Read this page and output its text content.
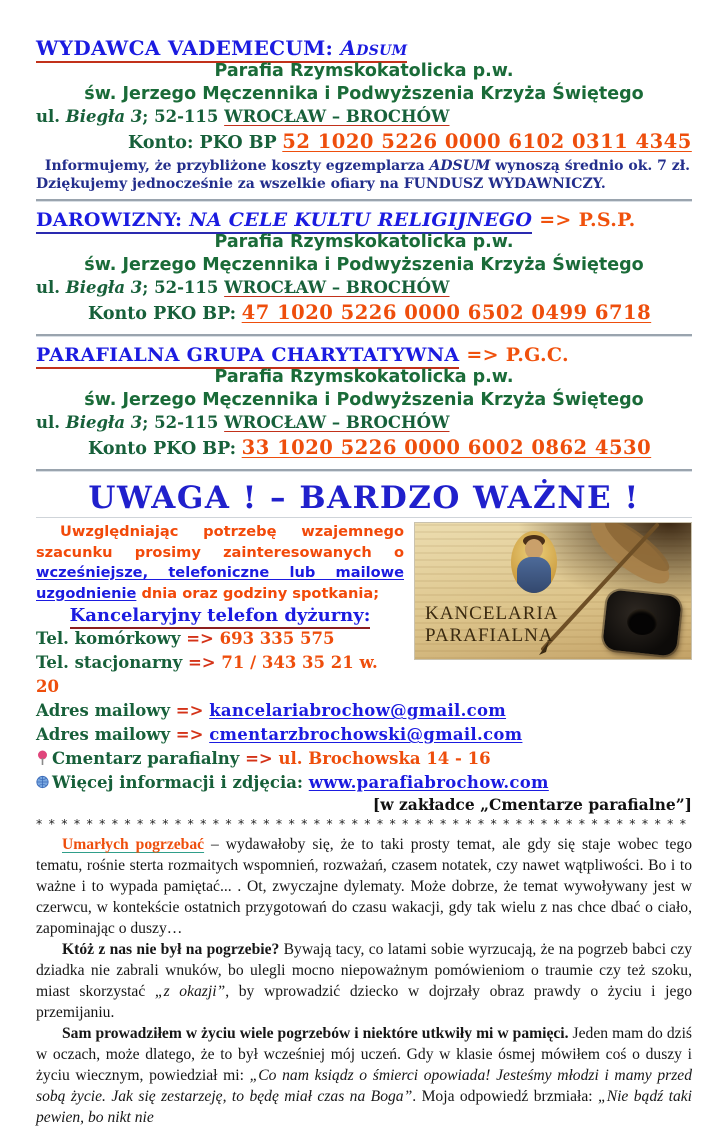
WYDAWCA VADEMECUM: Adsum
Parafia Rzymskokatolicka p.w.
św. Jerzego Męczennika i Podwyższenia Krzyża Świętego
ul. Biegła 3; 52-115 WROCŁAW – BROCHÓW
Konto: PKO BP 52 1020 5226 0000 6102 0311 4345
Informujemy, że przybliżone koszty egzemplarza ADSUM wynoszą średnio ok. 7 zł.
Dziękujemy jednocześnie za wszelkie ofiary na FUNDUSZ WYDAWNICZY.
DAROWIZNY: NA CELE KULTU RELIGIJNEGO => P.S.P.
Parafia Rzymskokatolicka p.w.
św. Jerzego Męczennika i Podwyższenia Krzyża Świętego
ul. Biegła 3; 52-115 WROCŁAW – BROCHÓW
Konto PKO BP: 47 1020 5226 0000 6502 0499 6718
PARAFIALNA GRUPA CHARYTATYWNA => P.G.C.
Parafia Rzymskokatolicka p.w.
św. Jerzego Męczennika i Podwyższenia Krzyża Świętego
ul. Biegła 3; 52-115 WROCŁAW – BROCHÓW
Konto PKO BP: 33 1020 5226 0000 6002 0862 4530
UWAGA ! – BARDZO WAŻNE !
Uwzględniając potrzebę wzajemnego szacunku prosimy zainteresowanych o wcześniejsze, telefoniczne lub mailowe uzgodnienie dnia oraz godziny spotkania;
Kancelaryjny telefon dyżurny:
Tel. komórkowy => 693 335 575
Tel. stacjonarny => 71 / 343 35 21 w. 20
KANCELARIA
PARAFIALNA
Adres mailowy => kancelariabrochow@gmail.com
Adres mailowy => cmentarzbrochowski@gmail.com
Cmentarz parafialny => ul. Brochowska 14 - 16
Więcej informacji i zdjęcia: www.parafiabrochow.com
[w zakładce „Cmentarze parafialne”]
* * * * * * * * * * * * * * * * * * * * * * * * * * * * * * * * * * * * * * * * * * * * * * * * * * * *

Umarłych pogrzebać – wydawałoby się, że to taki prosty temat, ale gdy się staje wobec tego tematu, rośnie sterta rozmaitych wspomnień, rozważań, czasem notatek, czy nawet wątpliwości. Bo i to ważne i to wypada pamiętać... . Ot, zwyczajne dylematy. Może dobrze, że temat wywoływany jest w czerwcu, w kontekście ostatnich przygotowań do czasu wakacji, gdy tak wielu z nas chce dbać o ciało, zapominając o duszy…

Któż z nas nie był na pogrzebie? Bywają tacy, co latami sobie wyrzucają, że na pogrzeb babci czy dziadka nie zabrali wnuków, bo ulegli mocno niepoważnym pomówieniom o traumie czy też szoku, miast skorzystać „z okazji”, by wprowadzić dziecko w dojrzały obraz prawdy o życiu i jego przemijaniu.

Sam prowadziłem w życiu wiele pogrzebów i niektóre utkwiły mi w pamięci. Jeden mam do dziś w oczach, może dlatego, że to był wcześniej mój uczeń. Gdy w klasie ósmej mówiłem coś o duszy i życiu wiecznym, powiedział mi: „Co nam ksiądz o śmierci opowiada! Jesteśmy młodzi i mamy przed sobą życie. Jak się zestarzeję, to będę miał czas na Boga”. Moja odpowiedź brzmiała: „Nie bądź taki pewien, bo nikt nie
